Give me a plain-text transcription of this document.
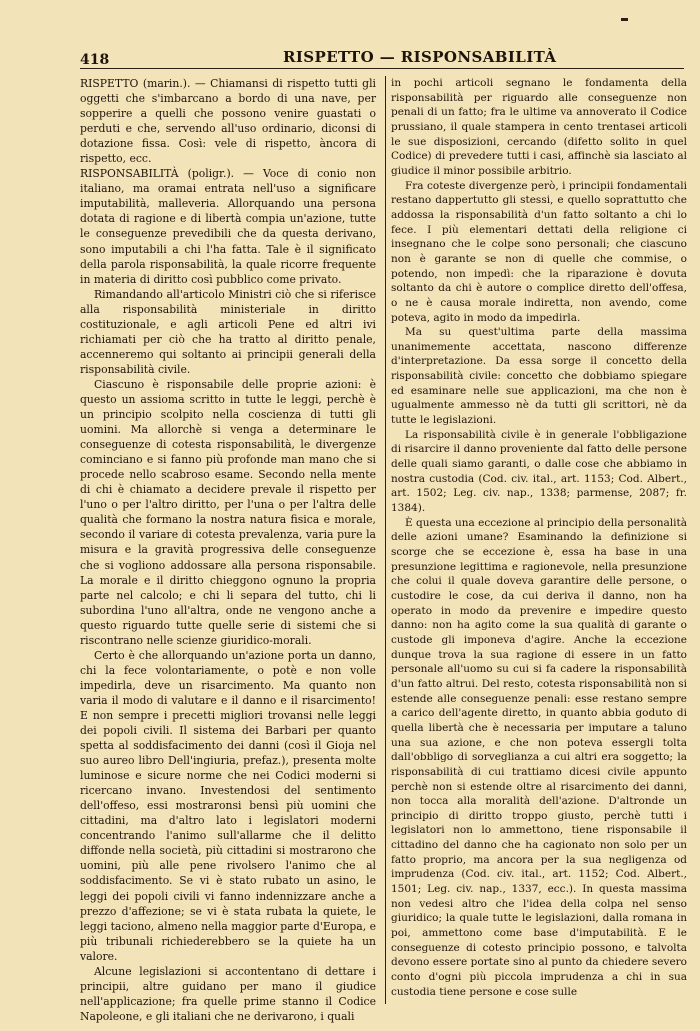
418	RISPETTO — RISPONSABILITÀ

RISPETTO (marin.). — Chiamansi di rispetto tutti gli oggetti che s'imbarcano a bordo di una nave, per sopperire a quelli che possono venire guastati o perduti e che, servendo all'uso ordinario, diconsi di dotazione fissa. Così: vele di rispetto, àncora di rispetto, ecc.

RISPONSABILITÀ (poligr.). — Voce di conio non italiano, ma oramai entrata nell'uso a significare imputabilità, malleveria. Allorquando una persona dotata di ragione e di libertà compia un'azione, tutte le conseguenze prevedibili che da questa derivano, sono imputabili a chi l'ha fatta. Tale è il significato della parola risponsabilità, la quale ricorre frequente in materia di diritto così pubblico come privato.

Rimandando all'articolo Ministri ciò che si riferisce alla risponsabilità ministeriale in diritto costituzionale, e agli articoli Pene ed altri ivi richiamati per ciò che ha tratto al diritto penale, accenneremo qui soltanto ai principii generali della risponsabilità civile.

Ciascuno è risponsabile delle proprie azioni: è questo un assioma scritto in tutte le leggi, perchè è un principio scolpito nella coscienza di tutti gli uomini. Ma allorchè si venga a determinare le conseguenze di cotesta risponsabilità, le divergenze cominciano e si fanno più profonde man mano che si procede nello scabroso esame. Secondo nella mente di chi è chiamato a decidere prevale il rispetto per l'uno o per l'altro diritto, per l'una o per l'altra delle qualità che formano la nostra natura fisica e morale, secondo il variare di cotesta prevalenza, varia pure la misura e la gravità progressiva delle conseguenze che si vogliono addossare alla persona risponsabile. La morale e il diritto chieggono ognuno la propria parte nel calcolo; e chi li separa del tutto, chi li subordina l'uno all'altra, onde ne vengono anche a questo riguardo tutte quelle serie di sistemi che si riscontrano nelle scienze giuridico-morali.

Certo è che allorquando un'azione porta un danno, chi la fece volontariamente, o potè e non volle impedirla, deve un risarcimento. Ma quanto non varia il modo di valutare e il danno e il risarcimento! E non sempre i precetti migliori trovansi nelle leggi dei popoli civili. Il sistema dei Barbari per quanto spetta al soddisfacimento dei danni (così il Gioja nel suo aureo libro Dell'ingiuria, prefaz.), presenta molte luminose e sicure norme che nei Codici moderni si ricercano invano. Investendosi del sentimento dell'offeso, essi mostraronsi bensì più uomini che cittadini, ma d'altro lato i legislatori moderni concentrando l'animo sull'allarme che il delitto diffonde nella società, più cittadini si mostrarono che uomini, più alle pene rivolsero l'animo che al soddisfacimento. Se vi è stato rubato un asino, le leggi dei popoli civili vi fanno indennizzare anche a prezzo d'affezione; se vi è stata rubata la quiete, le leggi taciono, almeno nella maggior parte d'Europa, e più tribunali richiederebbero se la quiete ha un valore.

Alcune legislazioni si accontentano di dettare i principii, altre guidano per mano il giudice nell'applicazione; fra quelle prime stanno il Codice Napoleone, e gli italiani che ne derivarono, i quali

in pochi articoli segnano le fondamenta della risponsabilità per riguardo alle conseguenze non penali di un fatto; fra le ultime va annoverato il Codice prussiano, il quale stampera in cento trentasei articoli le sue disposizioni, cercando (difetto solito in quel Codice) di prevedere tutti i casi, affinchè sia lasciato al giudice il minor possibile arbitrio.

Fra coteste divergenze però, i principii fondamentali restano dappertutto gli stessi, e quello soprattutto che addossa la risponsabilità d'un fatto soltanto a chi lo fece. I più elementari dettati della religione ci insegnano che le colpe sono personali; che ciascuno non è garante se non di quelle che commise, o potendo, non impedì: che la riparazione è dovuta soltanto da chi è autore o complice diretto dell'offesa, o ne è causa morale indiretta, non avendo, come poteva, agito in modo da impedirla.

Ma su quest'ultima parte della massima unanimemente accettata, nascono differenze d'interpretazione. Da essa sorge il concetto della risponsabilità civile: concetto che dobbiamo spiegare ed esaminare nelle sue applicazioni, ma che non è ugualmente ammesso nè da tutti gli scrittori, nè da tutte le legislazioni.

La risponsabilità civile è in generale l'obbligazione di risarcire il danno proveniente dal fatto delle persone delle quali siamo garanti, o dalle cose che abbiamo in nostra custodia (Cod. civ. ital., art. 1153; Cod. Albert., art. 1502; Leg. civ. nap., 1338; parmense, 2087; fr. 1384).

È questa una eccezione al principio della personalità delle azioni umane? Esaminando la definizione si scorge che se eccezione è, essa ha base in una presunzione legittima e ragionevole, nella presunzione che colui il quale doveva garantire delle persone, o custodire le cose, da cui deriva il danno, non ha operato in modo da prevenire e impedire questo danno: non ha agito come la sua qualità di garante o custode gli imponeva d'agire. Anche la eccezione dunque trova la sua ragione di essere in un fatto personale all'uomo su cui si fa cadere la risponsabilità d'un fatto altrui. Del resto, cotesta risponsabilità non si estende alle conseguenze penali: esse restano sempre a carico dell'agente diretto, in quanto abbia goduto di quella libertà che è necessaria per imputare a taluno una sua azione, e che non poteva essergli tolta dall'obbligo di sorveglianza a cui altri era soggetto; la risponsabilità di cui trattiamo dicesi civile appunto perchè non si estende oltre al risarcimento dei danni, non tocca alla moralità dell'azione. D'altronde un principio di diritto troppo giusto, perchè tutti i legislatori non lo ammettono, tiene risponsabile il cittadino del danno che ha cagionato non solo per un fatto proprio, ma ancora per la sua negligenza od imprudenza (Cod. civ. ital., art. 1152; Cod. Albert., 1501; Leg. civ. nap., 1337, ecc.). In questa massima non vedesi altro che l'idea della colpa nel senso giuridico; la quale tutte le legislazioni, dalla romana in poi, ammettono come base d'imputabilità. E le conseguenze di cotesto principio possono, e talvolta devono essere portate sino al punto da chiedere severo conto d'ogni più piccola imprudenza a chi in sua custodia tiene persone e cose sulle
